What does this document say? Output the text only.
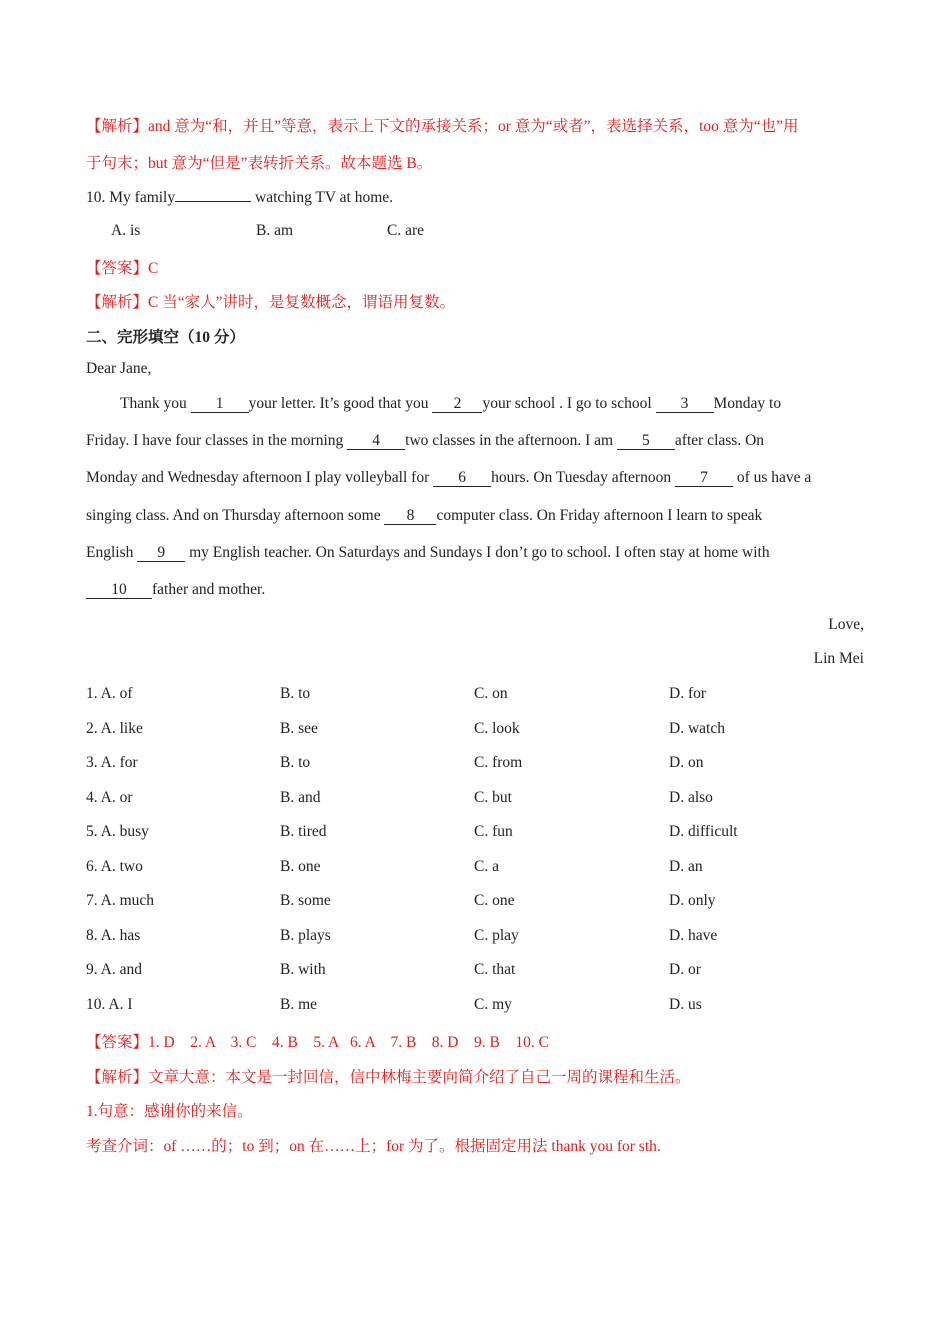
【解析】and 意为“和，并且”等意，表示上下文的承接关系；or 意为“或者”，表选择关系，too 意为“也”用
于句末；but 意为“但是”表转折关系。故本题选 B。
10. My family	watching TV at home.
A. is	B. am	C. are
【答案】C
【解析】C 当“家人”讲时，是复数概念，谓语用复数。
二、完形填空（10 分）
Dear Jane,
Thank you 1 your letter. It’s good that you 2 your school . I go to school 3 Monday to
Friday. I have four classes in the morning 4 two classes in the afternoon. I am 5 after class. On
Monday and Wednesday afternoon I play volleyball for 6 hours. On Tuesday afternoon 7 of us have a
singing class. And on Thursday afternoon some 8 computer class. On Friday afternoon I learn to speak
English 9 my English teacher. On Saturdays and Sundays I don’t go to school. I often stay at home with
10 father and mother.
Love,
Lin Mei
1. A. of	B. to	C. on	D. for
2. A. like	B. see	C. look	D. watch
3. A. for	B. to	C. from	D. on
4. A. or	B. and	C. but	D. also
5. A. busy	B. tired	C. fun	D. difficult
6. A. two	B. one	C. a	D. an
7. A. much	B. some	C. one	D. only
8. A. has	B. plays	C. play	D. have
9. A. and	B. with	C. that	D. or
10. A. I	B. me	C. my	D. us
【答案】1. D    2. A    3. C    4. B    5. A   6. A    7. B    8. D    9. B    10. C
【解析】文章大意：本文是一封回信，信中林梅主要向简介绍了自己一周的课程和生活。
1.句意：感谢你的来信。
考查介词：of ……的；to 到；on 在……上；for 为了。根据固定用法 thank you for sth.
